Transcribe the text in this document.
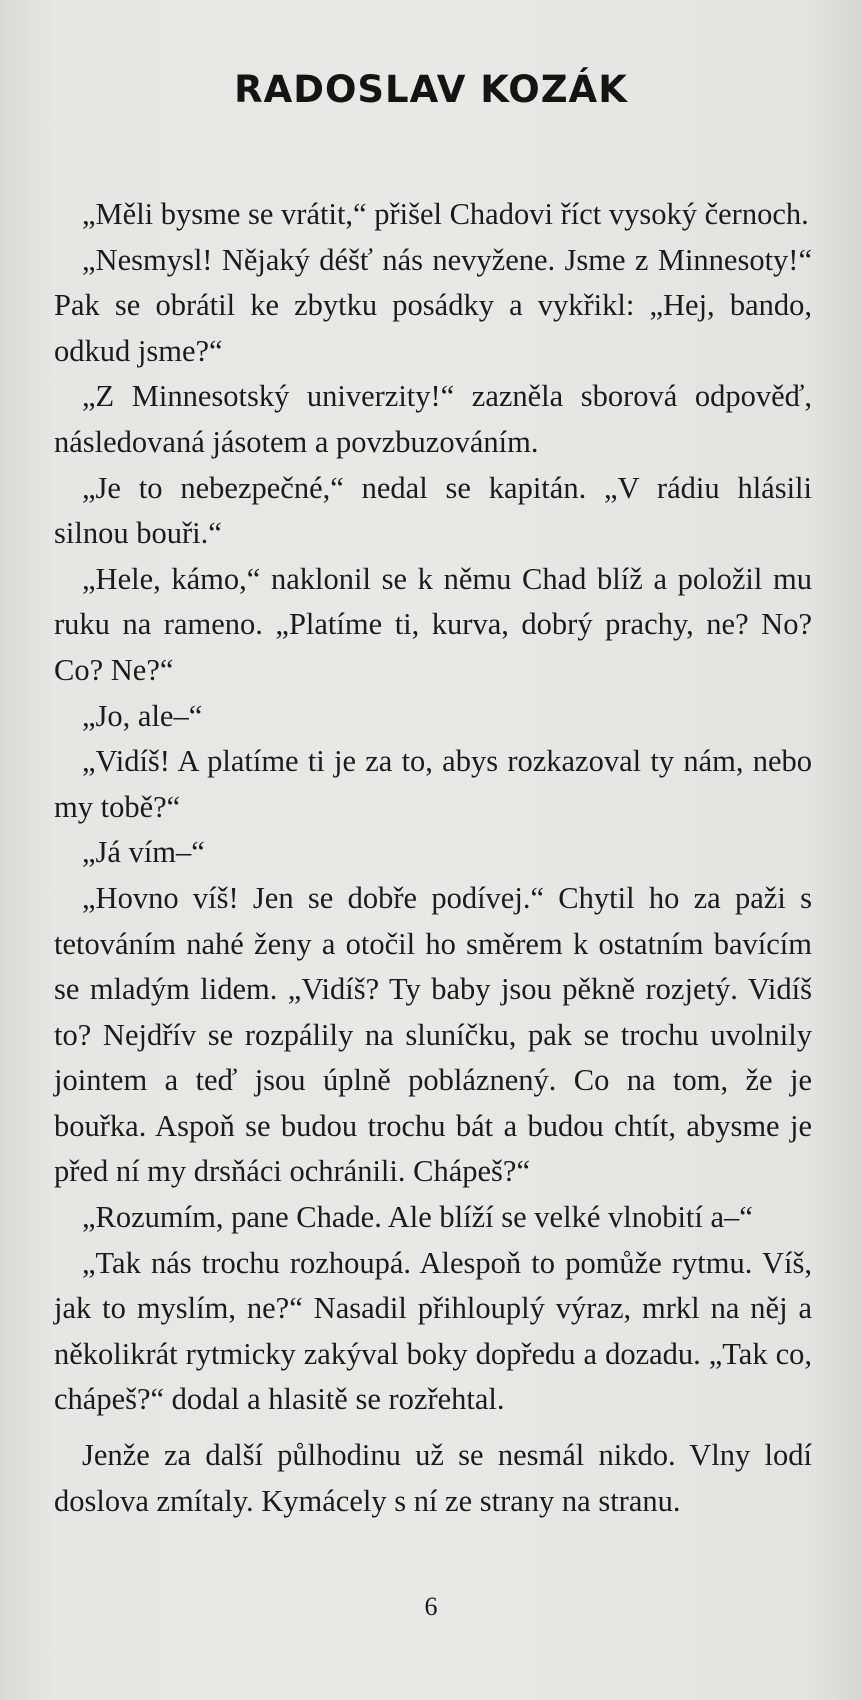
RADOSLAV KOZÁK

„Měli bysme se vrátit,“ přišel Chadovi říct vysoký černoch.

„Nesmysl! Nějaký déšť nás nevyžene. Jsme z Minnesoty!“ Pak se obrátil ke zbytku posádky a vykřikl: „Hej, bando, odkud jsme?“

„Z Minnesotský univerzity!“ zazněla sborová odpověď, následovaná jásotem a povzbuzováním.

„Je to nebezpečné,“ nedal se kapitán. „V rádiu hlásili silnou bouři.“

„Hele, kámo,“ naklonil se k němu Chad blíž a položil mu ruku na rameno. „Platíme ti, kurva, dobrý prachy, ne? No? Co? Ne?“

„Jo, ale–“

„Vidíš! A platíme ti je za to, abys rozkazoval ty nám, nebo my tobě?“

„Já vím–“

„Hovno víš! Jen se dobře podívej.“ Chytil ho za paži s tetováním nahé ženy a otočil ho směrem k ostatním bavícím se mladým lidem. „Vidíš? Ty baby jsou pěkně rozjetý. Vidíš to? Nejdřív se rozpálily na sluníčku, pak se trochu uvolnily jointem a teď jsou úplně pobláznený. Co na tom, že je bouřka. Aspoň se budou trochu bát a budou chtít, abysme je před ní my drsňáci ochránili. Chápeš?“

„Rozumím, pane Chade. Ale blíží se velké vlnobití a–“

„Tak nás trochu rozhoupá. Alespoň to pomůže rytmu. Víš, jak to myslím, ne?“ Nasadil přihlouplý výraz, mrkl na něj a několikrát rytmicky zakýval boky dopředu a dozadu. „Tak co, chápeš?“ dodal a hlasitě se rozřehtal.

Jenže za další půlhodinu už se nesmál nikdo. Vlny lodí doslova zmítaly. Kymácely s ní ze strany na stranu.

6
